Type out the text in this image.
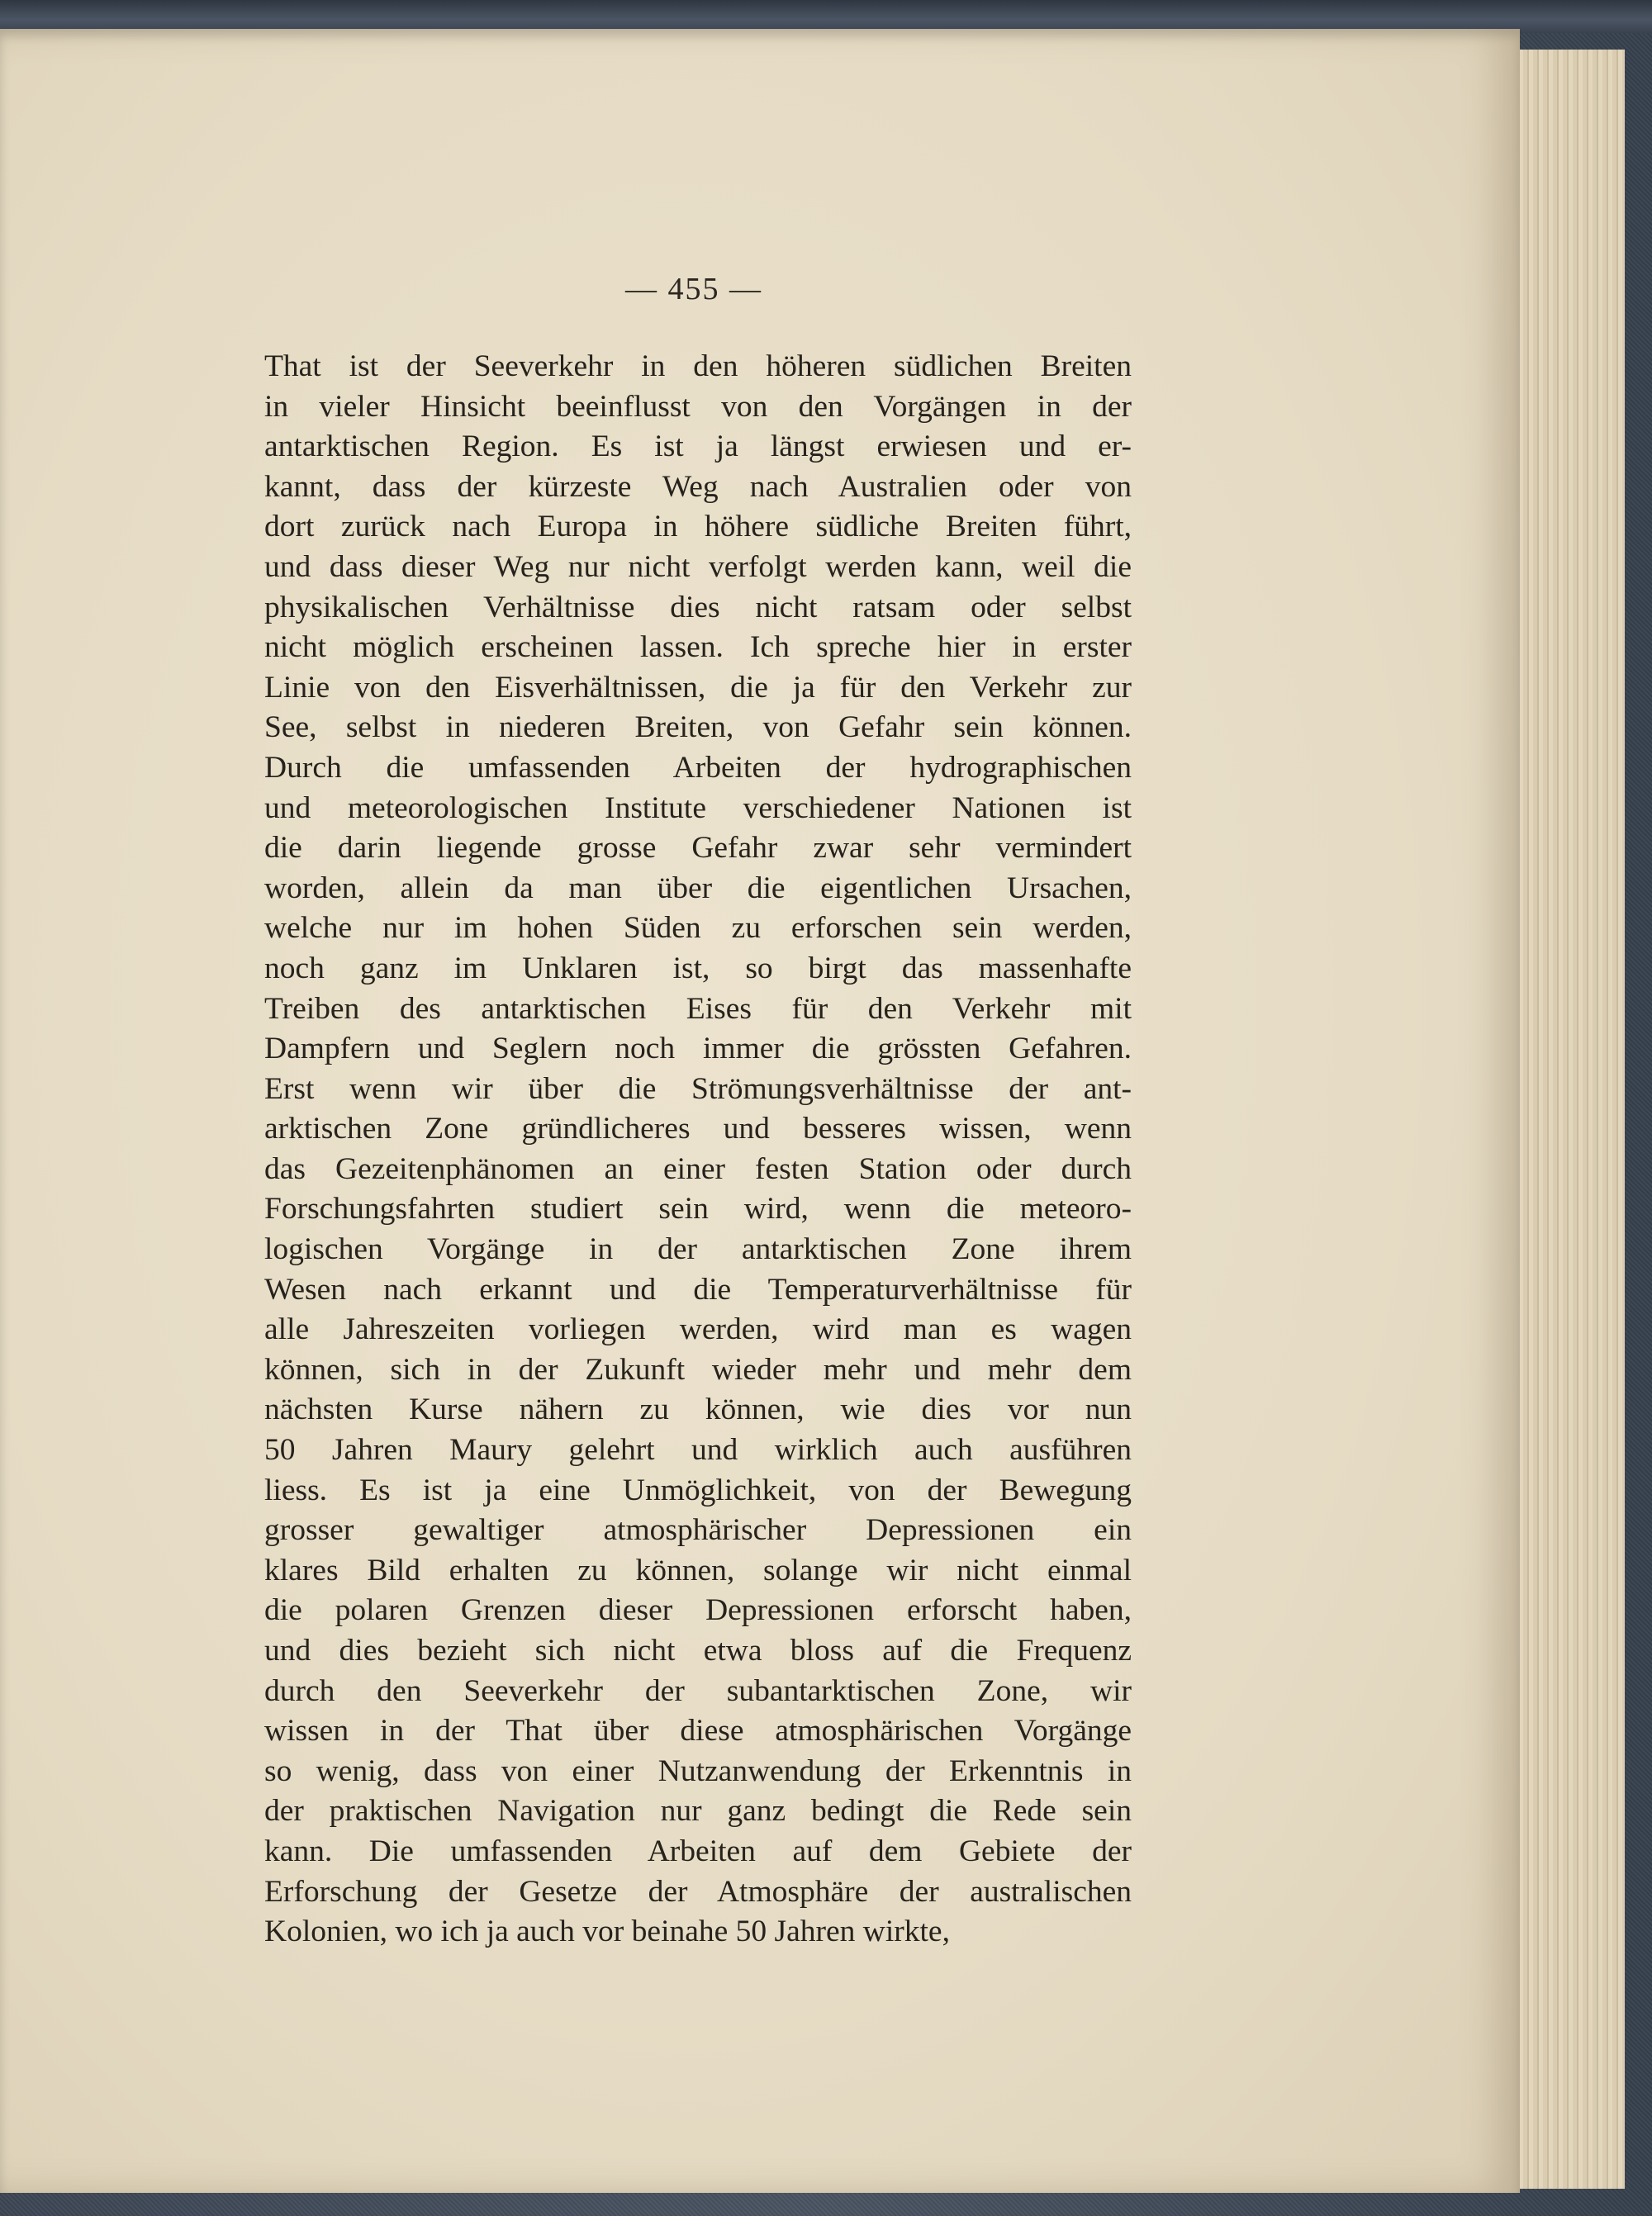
— 455 —
That ist der Seeverkehr in den höheren südlichen Breiten
in vieler Hinsicht beeinflusst von den Vorgängen in der
antarktischen Region. Es ist ja längst erwiesen und er-
kannt, dass der kürzeste Weg nach Australien oder von
dort zurück nach Europa in höhere südliche Breiten führt,
und dass dieser Weg nur nicht verfolgt werden kann, weil die
physikalischen Verhältnisse dies nicht ratsam oder selbst
nicht möglich erscheinen lassen. Ich spreche hier in erster
Linie von den Eisverhältnissen, die ja für den Verkehr zur
See, selbst in niederen Breiten, von Gefahr sein können.
Durch die umfassenden Arbeiten der hydrographischen
und meteorologischen Institute verschiedener Nationen ist
die darin liegende grosse Gefahr zwar sehr vermindert
worden, allein da man über die eigentlichen Ursachen,
welche nur im hohen Süden zu erforschen sein werden,
noch ganz im Unklaren ist, so birgt das massenhafte
Treiben des antarktischen Eises für den Verkehr mit
Dampfern und Seglern noch immer die grössten Gefahren.
Erst wenn wir über die Strömungsverhältnisse der ant-
arktischen Zone gründlicheres und besseres wissen, wenn
das Gezeitenphänomen an einer festen Station oder durch
Forschungsfahrten studiert sein wird, wenn die meteoro-
logischen Vorgänge in der antarktischen Zone ihrem
Wesen nach erkannt und die Temperaturverhältnisse für
alle Jahreszeiten vorliegen werden, wird man es wagen
können, sich in der Zukunft wieder mehr und mehr dem
nächsten Kurse nähern zu können, wie dies vor nun
50 Jahren Maury gelehrt und wirklich auch ausführen
liess. Es ist ja eine Unmöglichkeit, von der Bewegung
grosser gewaltiger atmosphärischer Depressionen ein
klares Bild erhalten zu können, solange wir nicht einmal
die polaren Grenzen dieser Depressionen erforscht haben,
und dies bezieht sich nicht etwa bloss auf die Frequenz
durch den Seeverkehr der subantarktischen Zone, wir
wissen in der That über diese atmosphärischen Vorgänge
so wenig, dass von einer Nutzanwendung der Erkenntnis in
der praktischen Navigation nur ganz bedingt die Rede sein
kann. Die umfassenden Arbeiten auf dem Gebiete der
Erforschung der Gesetze der Atmosphäre der australischen
Kolonien, wo ich ja auch vor beinahe 50 Jahren wirkte,
